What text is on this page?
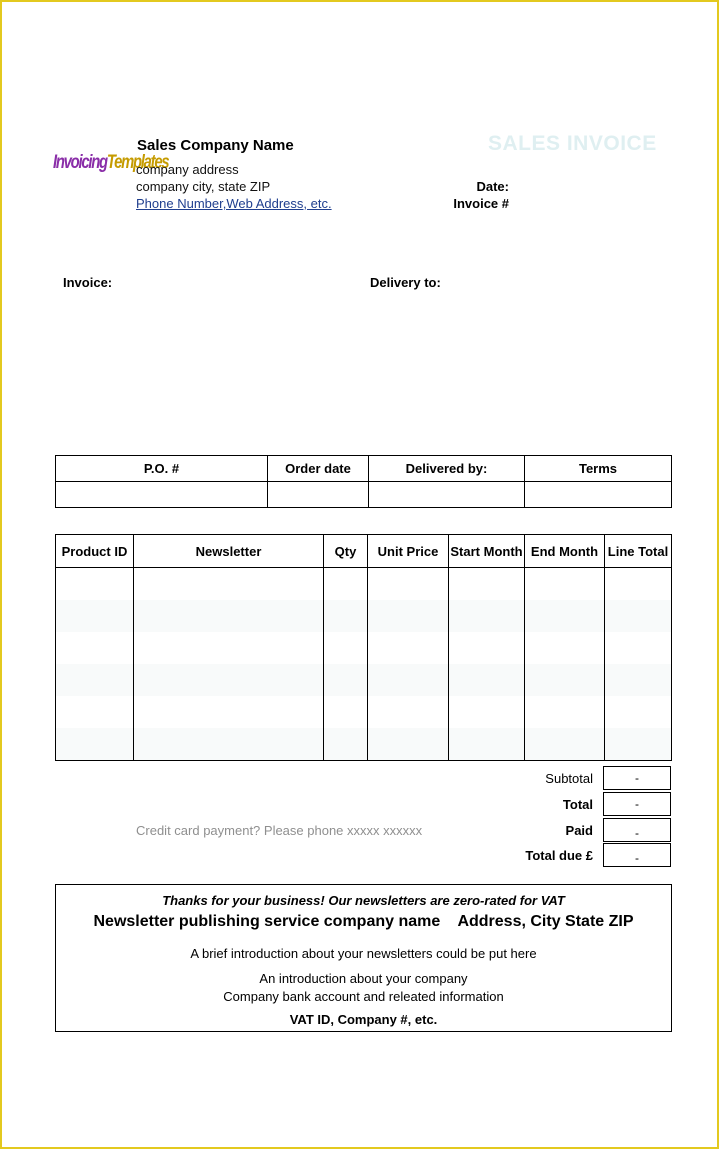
InvoicingTemplates
Sales Company Name
company address
company city, state ZIP
Phone Number,Web Address, etc.
SALES INVOICE
Date:
Invoice #
Invoice:	Delivery to:
P.O. #	Order date	Delivered by:	Terms

Product ID	Newsletter	Qty	Unit Price	Start Month	End Month	Line Total

Subtotal	-
Total	-
Credit card payment? Please phone xxxxx xxxxxx	Paid	-
Total due £	-
Thanks for your business! Our newsletters are zero-rated for VAT
Newsletter publishing service company name    Address, City State ZIP
A brief introduction about your newsletters could be put here
An introduction about your company
Company bank account and releated information
VAT ID, Company #, etc.
